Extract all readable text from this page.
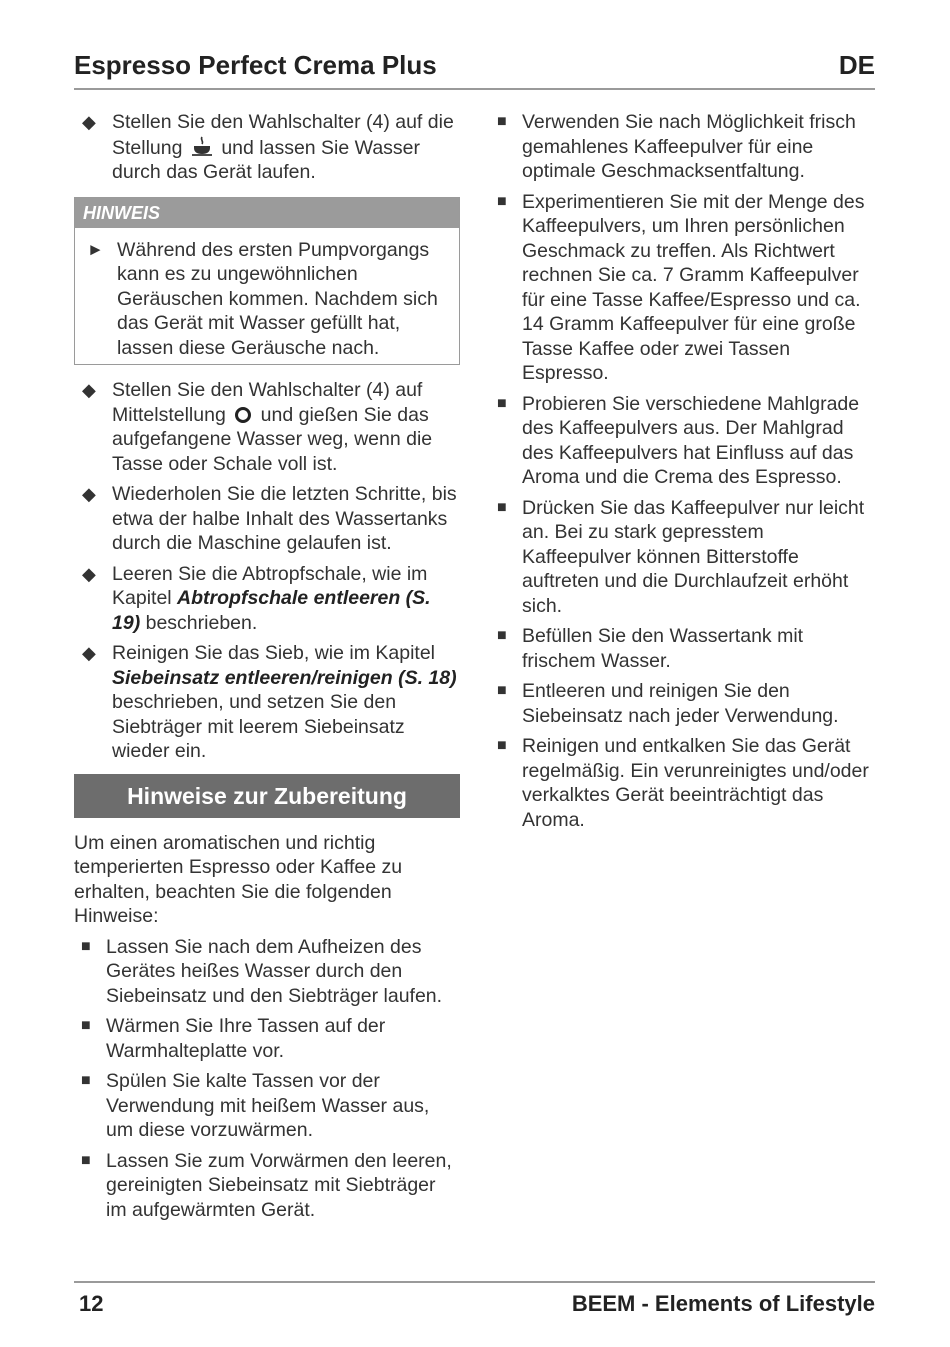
Espresso Perfect Crema Plus	DE
◆ Stellen Sie den Wahlschalter (4) auf die Stellung und lassen Sie Wasser durch das Gerät laufen.
HINWEIS
► Während des ersten Pumpvorgangs kann es zu ungewöhnlichen Geräuschen kommen. Nachdem sich das Gerät mit Wasser gefüllt hat, lassen diese Geräusche nach.
◆ Stellen Sie den Wahlschalter (4) auf Mittelstellung und gießen Sie das aufgefangene Wasser weg, wenn die Tasse oder Schale voll ist.
◆ Wiederholen Sie die letzten Schritte, bis etwa der halbe Inhalt des Wassertanks durch die Maschine gelaufen ist.
◆ Leeren Sie die Abtropfschale, wie im Kapitel Abtropfschale entleeren (S. 19) beschrieben.
◆ Reinigen Sie das Sieb, wie im Kapitel Siebeinsatz entleeren/reinigen (S. 18) beschrieben, und setzen Sie den Siebträger mit leerem Siebeinsatz wieder ein.
Hinweise zur Zubereitung
Um einen aromatischen und richtig temperierten Espresso oder Kaffee zu erhalten, beachten Sie die folgenden Hinweise:
■ Lassen Sie nach dem Aufheizen des Gerätes heißes Wasser durch den Siebeinsatz und den Siebträger laufen.
■ Wärmen Sie Ihre Tassen auf der Warmhalteplatte vor.
■ Spülen Sie kalte Tassen vor der Verwendung mit heißem Wasser aus, um diese vorzuwärmen.
■ Lassen Sie zum Vorwärmen den leeren, gereinigten Siebeinsatz mit Siebträger im aufgewärmten Gerät.
■ Verwenden Sie nach Möglichkeit frisch gemahlenes Kaffeepulver für eine optimale Geschmacksentfaltung.
■ Experimentieren Sie mit der Menge des Kaffeepulvers, um Ihren persönlichen Geschmack zu treffen. Als Richtwert rechnen Sie ca. 7 Gramm Kaffeepulver für eine Tasse Kaffee/Espresso und ca. 14 Gramm Kaffeepulver für eine große Tasse Kaffee oder zwei Tassen Espresso.
■ Probieren Sie verschiedene Mahlgrade des Kaffeepulvers aus. Der Mahlgrad des Kaffeepulvers hat Einfluss auf das Aroma und die Crema des Espresso.
■ Drücken Sie das Kaffeepulver nur leicht an. Bei zu stark gepresstem Kaffeepulver können Bitterstoffe auftreten und die Durchlaufzeit erhöht sich.
■ Befüllen Sie den Wassertank mit frischem Wasser.
■ Entleeren und reinigen Sie den Siebeinsatz nach jeder Verwendung.
■ Reinigen und entkalken Sie das Gerät regelmäßig. Ein verunreinigtes und/oder verkalktes Gerät beeinträchtigt das Aroma.
12	BEEM - Elements of Lifestyle
